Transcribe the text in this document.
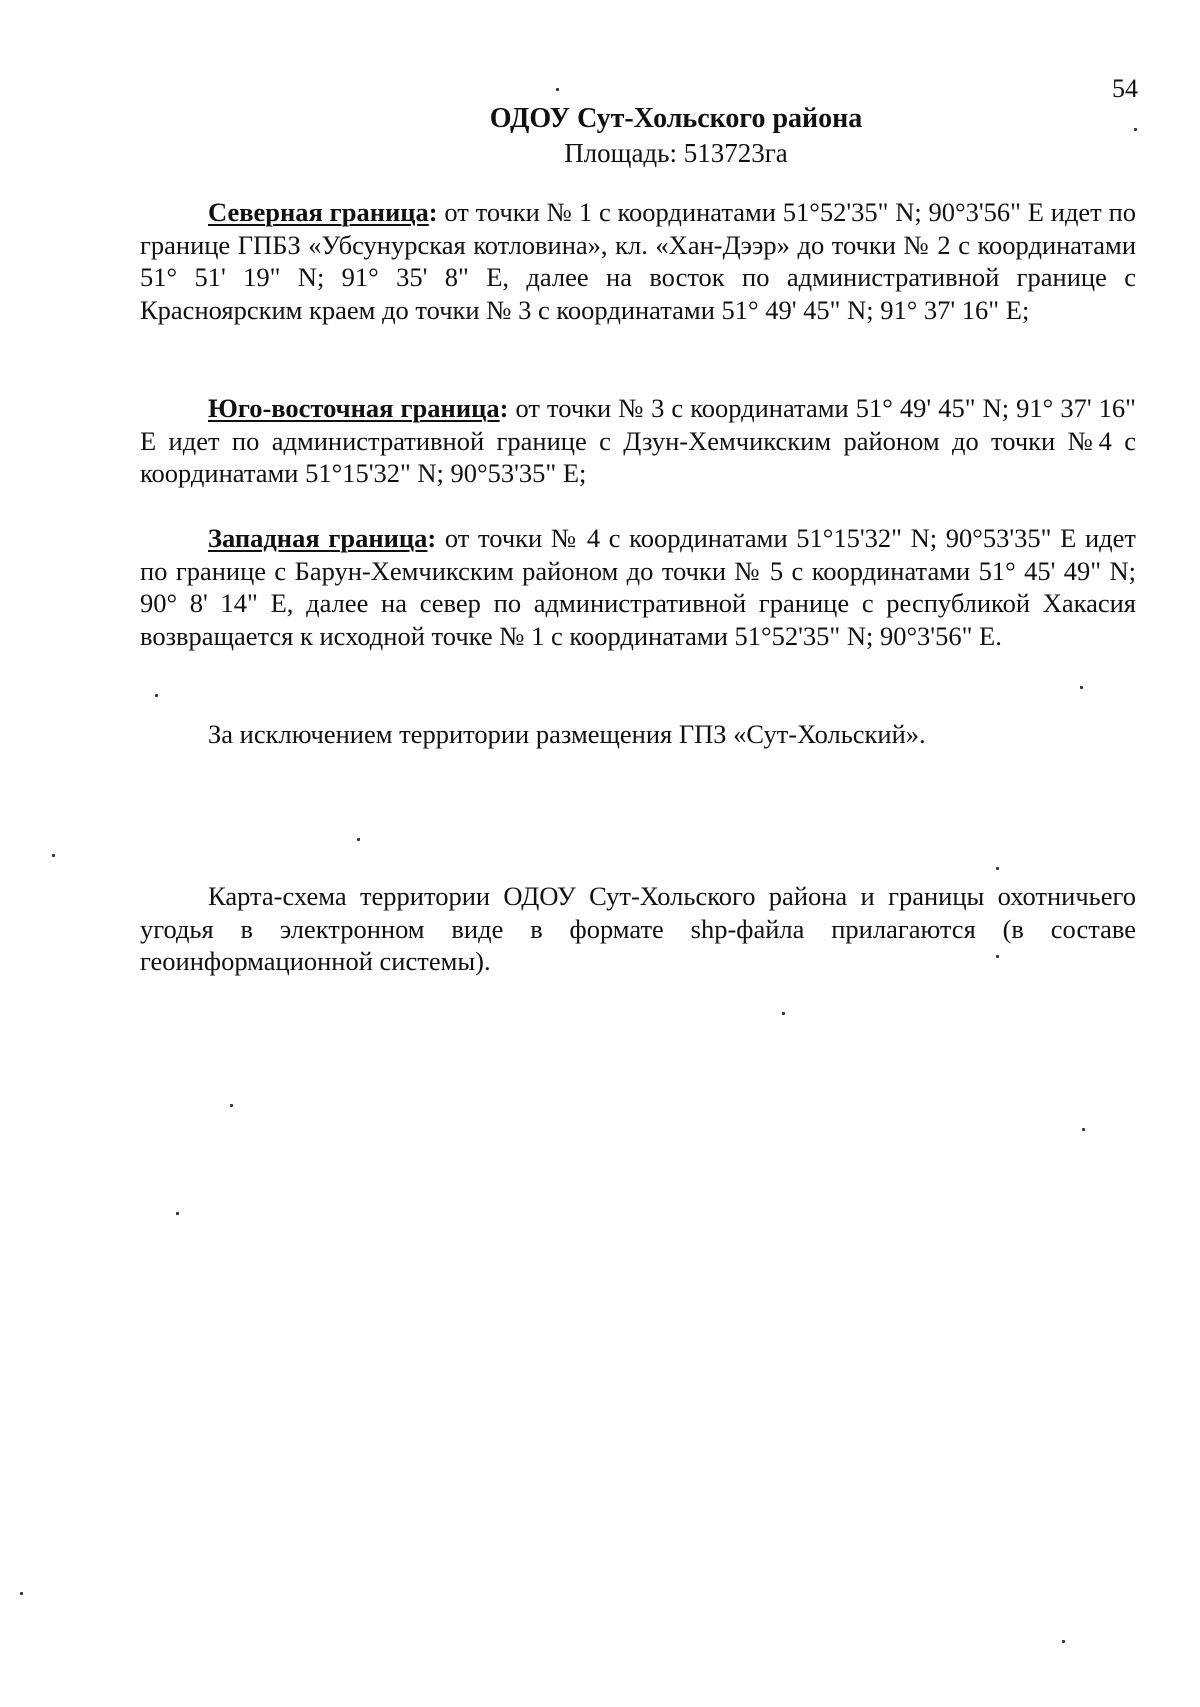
54

ОДОУ Сут-Хольского района

Площадь: 513723га

Северная граница: от точки № 1 с координатами 51°52'35" N; 90°3'56" E идет по границе ГПБЗ «Убсунурская котловина», кл. «Хан-Дээр» до точки № 2 с координатами 51° 51' 19" N; 91° 35' 8" E, далее на восток по административной границе с Красноярским краем до точки № 3 с координатами 51° 49' 45" N; 91° 37' 16" E;

Юго-восточная граница: от точки № 3 с координатами 51° 49' 45" N; 91° 37' 16" E идет по административной границе с Дзун-Хемчикским районом до точки №4 с координатами 51°15'32" N; 90°53'35" E;

Западная граница: от точки № 4 с координатами 51°15'32" N; 90°53'35" E идет по границе с Барун-Хемчикским районом до точки № 5 с координатами 51° 45' 49" N; 90° 8' 14" E, далее на север по административной границе с республикой Хакасия возвращается к исходной точке № 1 с координатами 51°52'35" N; 90°3'56" E.

За исключением территории размещения ГПЗ «Сут-Хольский».

Карта-схема территории ОДОУ Сут-Хольского района и границы охотничьего угодья в электронном виде в формате shp-файла прилагаются (в составе геоинформационной системы).
